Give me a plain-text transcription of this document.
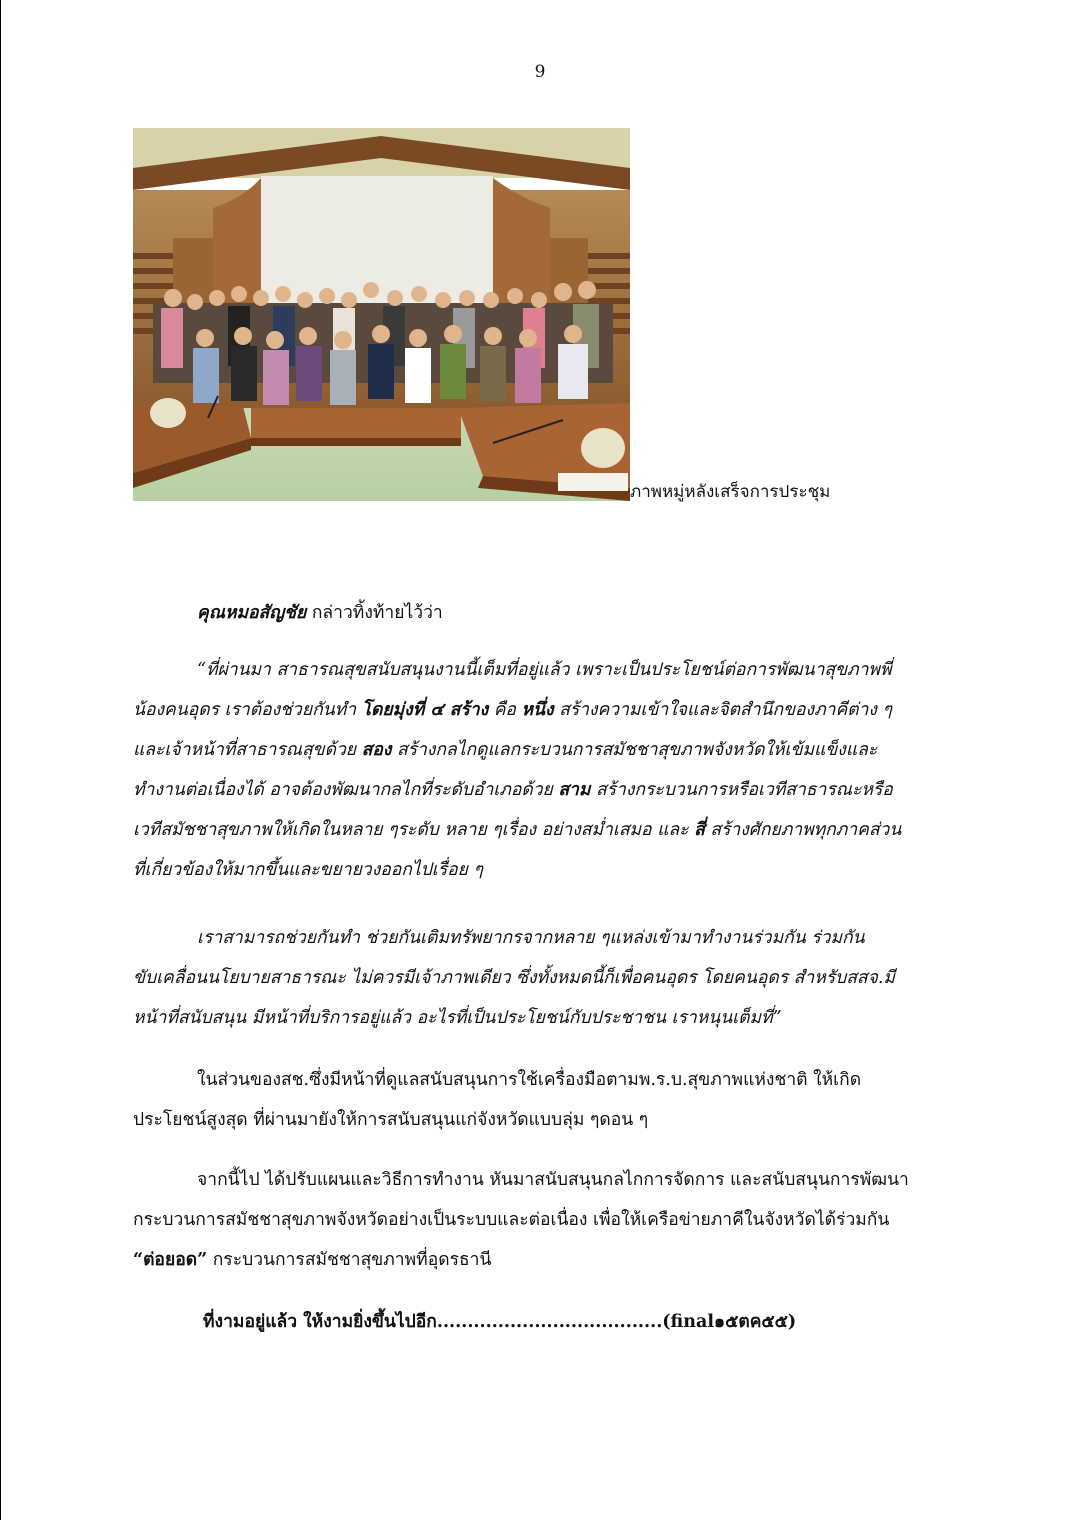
9
ภาพหมู่หลังเสร็จการประชุม

คุณหมอสัญชัย กล่าวทิ้งท้ายไว้ว่า

“ที่ผ่านมา สาธารณสุขสนับสนุนงานนี้เต็มที่อยู่แล้ว เพราะเป็นประโยชน์ต่อการพัฒนาสุขภาพพี่
น้องคนอุดร เราต้องช่วยกันทำ โดยมุ่งที่ ๔ สร้าง คือ หนึ่ง สร้างความเข้าใจและจิตสำนึกของภาคีต่าง ๆ
และเจ้าหน้าที่สาธารณสุขด้วย สอง สร้างกลไกดูแลกระบวนการสมัชชาสุขภาพจังหวัดให้เข้มแข็งและ
ทำงานต่อเนื่องได้ อาจต้องพัฒนากลไกที่ระดับอำเภอด้วย สาม สร้างกระบวนการหรือเวทีสาธารณะหรือ
เวทีสมัชชาสุขภาพให้เกิดในหลาย ๆระดับ หลาย ๆเรื่อง อย่างสม่ำเสมอ และ สี่ สร้างศักยภาพทุกภาคส่วน
ที่เกี่ยวข้องให้มากขึ้นและขยายวงออกไปเรื่อย ๆ

เราสามารถช่วยกันทำ ช่วยกันเติมทรัพยากรจากหลาย ๆแหล่งเข้ามาทำงานร่วมกัน ร่วมกัน
ขับเคลื่อนนโยบายสาธารณะ ไม่ควรมีเจ้าภาพเดียว ซึ่งทั้งหมดนี้ก็เพื่อคนอุดร โดยคนอุดร สำหรับสสจ.มี
หน้าที่สนับสนุน มีหน้าที่บริการอยู่แล้ว อะไรที่เป็นประโยชน์กับประชาชน เราหนุนเต็มที่”

ในส่วนของสช.ซึ่งมีหน้าที่ดูแลสนับสนุนการใช้เครื่องมือตามพ.ร.บ.สุขภาพแห่งชาติ ให้เกิด
ประโยชน์สูงสุด ที่ผ่านมายังให้การสนับสนุนแก่จังหวัดแบบลุ่ม ๆดอน ๆ

จากนี้ไป ได้ปรับแผนและวิธีการทำงาน หันมาสนับสนุนกลไกการจัดการ และสนับสนุนการพัฒนา
กระบวนการสมัชชาสุขภาพจังหวัดอย่างเป็นระบบและต่อเนื่อง เพื่อให้เครือข่ายภาคีในจังหวัดได้ร่วมกัน
“ต่อยอด” กระบวนการสมัชชาสุขภาพที่อุดรธานี

ที่งามอยู่แล้ว ให้งามยิ่งขึ้นไปอีก.....................................(final๑๕ตค๕๕)
